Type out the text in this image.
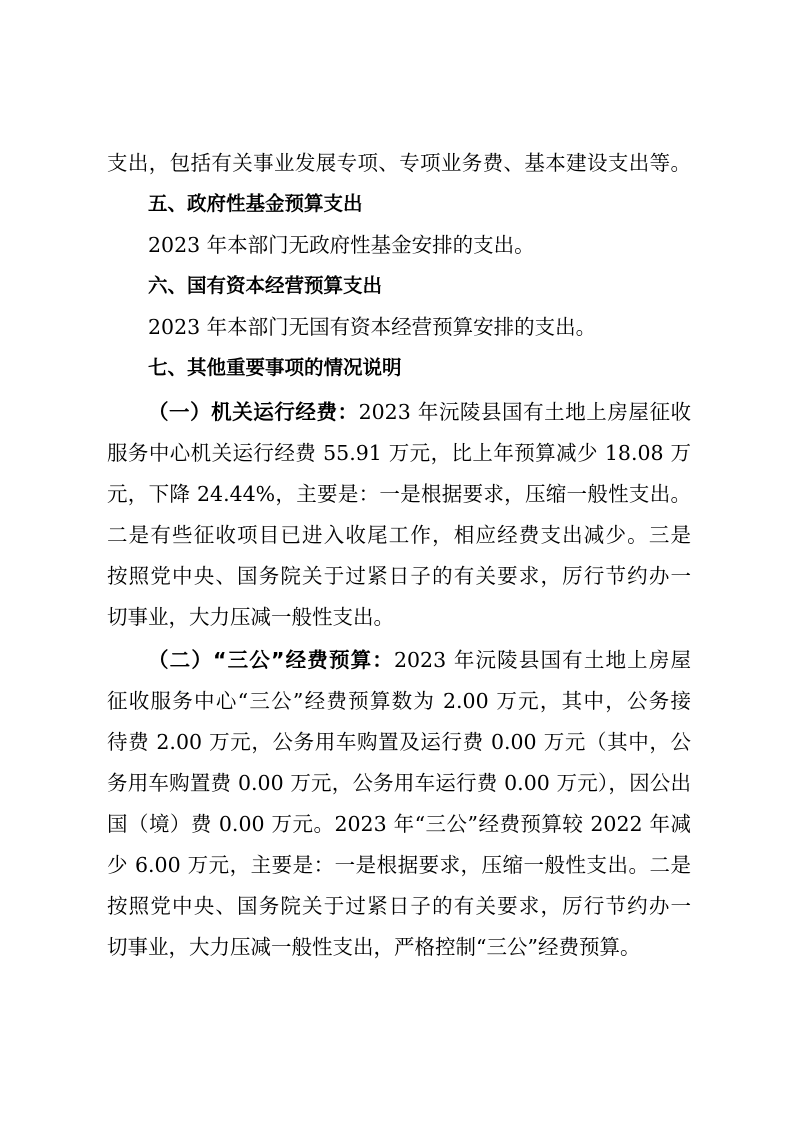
支出，包括有关事业发展专项、专项业务费、基本建设支出等。
五、政府性基金预算支出
2023 年本部门无政府性基金安排的支出。
六、国有资本经营预算支出
2023 年本部门无国有资本经营预算安排的支出。
七、其他重要事项的情况说明
（一）机关运行经费：2023 年沅陵县国有土地上房屋征收
服务中心机关运行经费 55.91 万元，比上年预算减少 18.08 万
元，下降 24.44%，主要是：一是根据要求，压缩一般性支出。
二是有些征收项目已进入收尾工作，相应经费支出减少。三是
按照党中央、国务院关于过紧日子的有关要求，厉行节约办一
切事业，大力压减一般性支出。
（二）“三公”经费预算：2023 年沅陵县国有土地上房屋
征收服务中心“三公”经费预算数为 2.00 万元，其中，公务接
待费 2.00 万元，公务用车购置及运行费 0.00 万元（其中，公
务用车购置费 0.00 万元，公务用车运行费 0.00 万元），因公出
国（境）费 0.00 万元。2023 年“三公”经费预算较 2022 年减
少 6.00 万元，主要是：一是根据要求，压缩一般性支出。二是
按照党中央、国务院关于过紧日子的有关要求，厉行节约办一
切事业，大力压减一般性支出，严格控制“三公”经费预算。
